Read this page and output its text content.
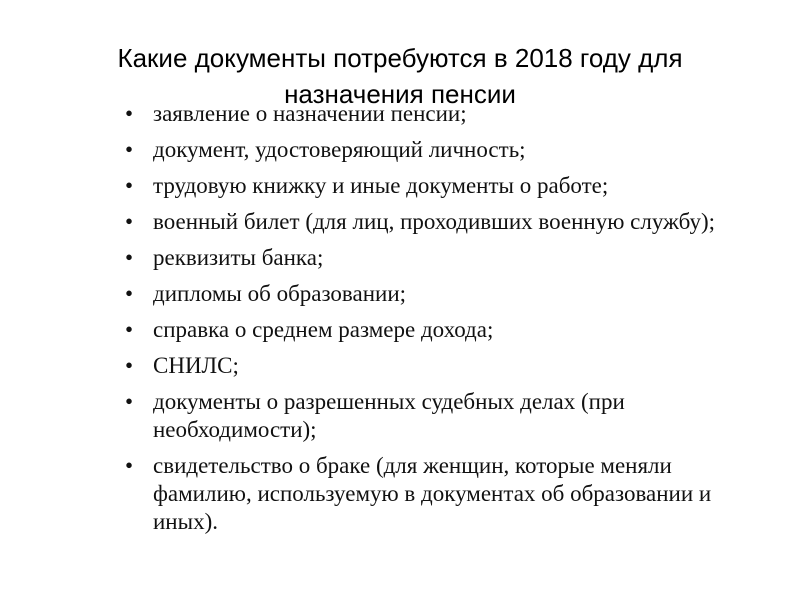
Какие документы потребуются в 2018 году для
назначения пенсии
• заявление о назначении пенсии;
• документ, удостоверяющий личность;
• трудовую книжку и иные документы о работе;
• военный билет (для лиц, проходивших военную службу);
• реквизиты банка;
• дипломы об образовании;
• справка о среднем размере дохода;
• СНИЛС;
• документы о разрешенных судебных делах (при необходимости);
• свидетельство о браке (для женщин, которые меняли фамилию, используемую в документах об образовании и иных).
